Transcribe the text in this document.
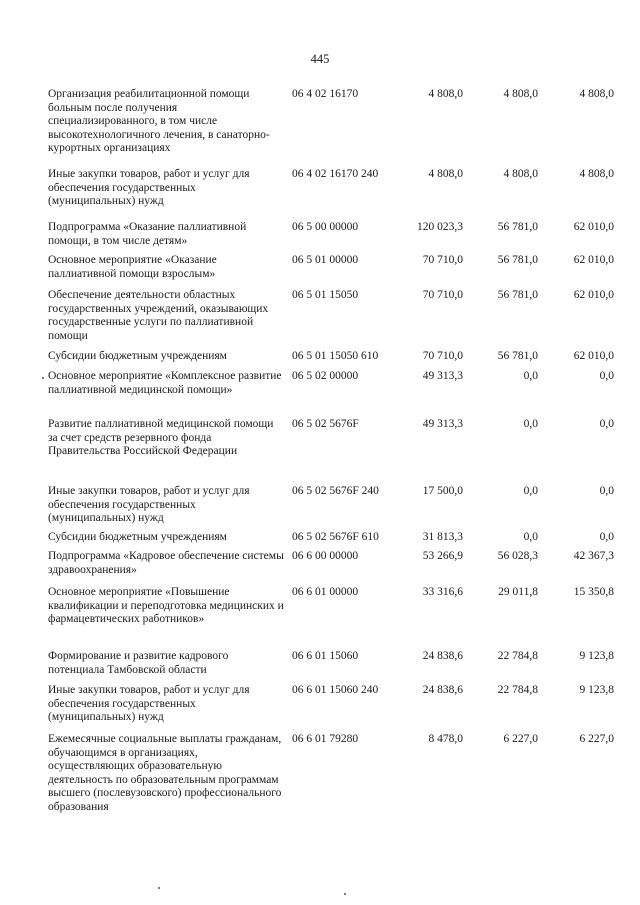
445
Организация реабилитационной помощи больным после получения специализированного, в том числе высокотехнологичного лечения, в санаторно-курортных организациях
06 4 02 16170	4 808,0	4 808,0	4 808,0
Иные закупки товаров, работ и услуг для обеспечения государственных (муниципальных) нужд
06 4 02 16170 240	4 808,0	4 808,0	4 808,0
Подпрограмма «Оказание паллиативной помощи, в том числе детям»
06 5 00 00000	120 023,3	56 781,0	62 010,0
Основное мероприятие «Оказание паллиативной помощи взрослым»
06 5 01 00000	70 710,0	56 781,0	62 010,0
Обеспечение деятельности областных государственных учреждений, оказывающих государственные услуги по паллиативной помощи
06 5 01 15050	70 710,0	56 781,0	62 010,0
Субсидии бюджетным учреждениям	06 5 01 15050 610	70 710,0	56 781,0	62 010,0
Основное мероприятие «Комплексное развитие паллиативной медицинской помощи»
06 5 02 00000	49 313,3	0,0	0,0
Развитие паллиативной медицинской помощи за счет средств резервного фонда Правительства Российской Федерации
06 5 02 5676F	49 313,3	0,0	0,0
Иные закупки товаров, работ и услуг для обеспечения государственных (муниципальных) нужд
06 5 02 5676F 240	17 500,0	0,0	0,0
Субсидии бюджетным учреждениям	06 5 02 5676F 610	31 813,3	0,0	0,0
Подпрограмма «Кадровое обеспечение системы здравоохранения»
06 6 00 00000	53 266,9	56 028,3	42 367,3
Основное мероприятие «Повышение квалификации и переподготовка медицинских и фармацевтических работников»
06 6 01 00000	33 316,6	29 011,8	15 350,8
Формирование и развитие кадрового потенциала Тамбовской области
06 6 01 15060	24 838,6	22 784,8	9 123,8
Иные закупки товаров, работ и услуг для обеспечения государственных (муниципальных) нужд
06 6 01 15060 240	24 838,6	22 784,8	9 123,8
Ежемесячные социальные выплаты гражданам, обучающимся в организациях, осуществляющих образовательную деятельность по образовательным программам высшего (послевузовского) профессионального образования
06 6 01 79280	8 478,0	6 227,0	6 227,0
